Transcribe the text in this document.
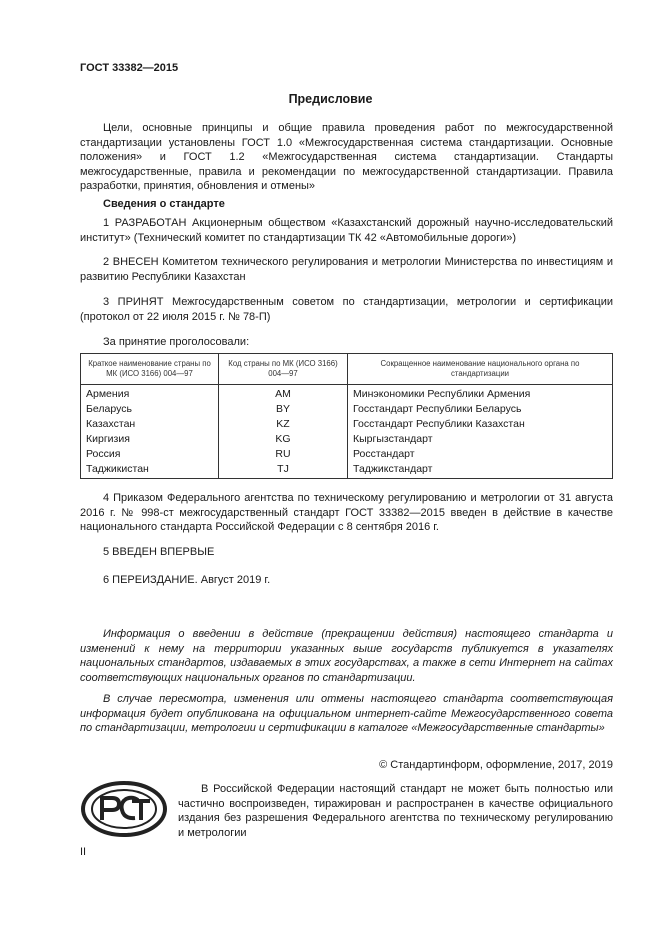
ГОСТ 33382—2015
Предисловие

Цели, основные принципы и общие правила проведения работ по межгосударственной стандартизации установлены ГОСТ 1.0 «Межгосударственная система стандартизации. Основные положения» и ГОСТ 1.2 «Межгосударственная система стандартизации. Стандарты межгосударственные, правила и рекомендации по межгосударственной стандартизации. Правила разработки, принятия, обновления и отмены»

Сведения о стандарте

1 РАЗРАБОТАН Акционерным обществом «Казахстанский дорожный научно-исследовательский институт» (Технический комитет по стандартизации ТК 42 «Автомобильные дороги»)

2 ВНЕСЕН Комитетом технического регулирования и метрологии Министерства по инвестициям и развитию Республики Казахстан

3 ПРИНЯТ Межгосударственным советом по стандартизации, метрологии и сертификации (протокол от 22 июля 2015 г. № 78-П)

За принятие проголосовали:

Краткое наименование страны по МК (ИСО 3166) 004—97	Код страны по МК (ИСО 3166) 004—97	Сокращенное наименование национального органа по стандартизации
Армения	AM	Минэкономики Республики Армения
Беларусь	BY	Госстандарт Республики Беларусь
Казахстан	KZ	Госстандарт Республики Казахстан
Киргизия	KG	Кыргызстандарт
Россия	RU	Росстандарт
Таджикистан	TJ	Таджикстандарт

4 Приказом Федерального агентства по техническому регулированию и метрологии от 31 августа 2016 г. № 998-ст межгосударственный стандарт ГОСТ 33382—2015 введен в действие в качестве национального стандарта Российской Федерации с 8 сентября 2016 г.

5 ВВЕДЕН ВПЕРВЫЕ

6 ПЕРЕИЗДАНИЕ. Август 2019 г.

Информация о введении в действие (прекращении действия) настоящего стандарта и изменений к нему на территории указанных выше государств публикуется в указателях национальных стандартов, издаваемых в этих государствах, а также в сети Интернет на сайтах соответствующих национальных органов по стандартизации.

В случае пересмотра, изменения или отмены настоящего стандарта соответствующая информация будет опубликована на официальном интернет-сайте Межгосударственного совета по стандартизации, метрологии и сертификации в каталоге «Межгосударственные стандарты»

© Стандартинформ, оформление, 2017, 2019

В Российской Федерации настоящий стандарт не может быть полностью или частично воспроизведен, тиражирован и распространен в качестве официального издания без разрешения Федерального агентства по техническому регулированию и метрологии

II
